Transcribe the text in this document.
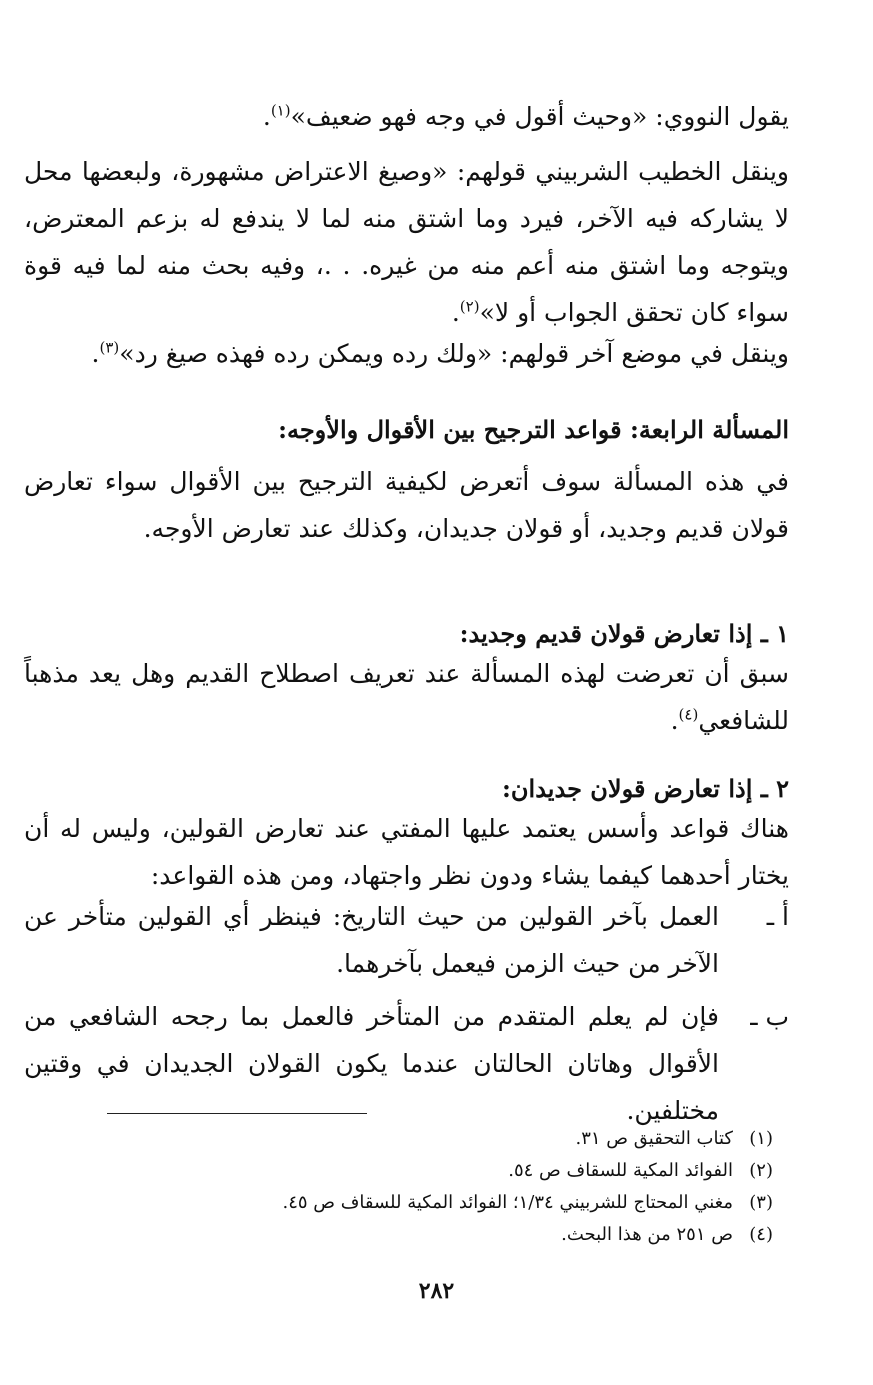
يقول النووي: «وحيث أقول في وجه فهو ضعيف»$^{(١)}$.
وينقل الخطيب الشربيني قولهم: «وصيغ الاعتراض مشهورة، ولبعضها محل لا يشاركه فيه الآخر، فيرد وما اشتق منه لما لا يندفع له بزعم المعترض، ويتوجه وما اشتق منه أعم منه من غيره. . .، وفيه بحث منه لما فيه قوة سواء كان تحقق الجواب أو لا»$^{(٢)}$.
وينقل في موضع آخر قولهم: «ولك رده ويمكن رده فهذه صيغ رد»$^{(٣)}$.
المسألة الرابعة: قواعد الترجيح بين الأقوال والأوجه:
في هذه المسألة سوف أتعرض لكيفية الترجيح بين الأقوال سواء تعارض قولان قديم وجديد، أو قولان جديدان، وكذلك عند تعارض الأوجه.
١ ـ إذا تعارض قولان قديم وجديد:
سبق أن تعرضت لهذه المسألة عند تعريف اصطلاح القديم وهل يعد مذهباً للشافعي$^{(٤)}$.
٢ ـ إذا تعارض قولان جديدان:
هناك قواعد وأسس يعتمد عليها المفتي عند تعارض القولين، وليس له أن يختار أحدهما كيفما يشاء ودون نظر واجتهاد، ومن هذه القواعد:
أ ـ
العمل بآخر القولين من حيث التاريخ: فينظر أي القولين متأخر عن الآخر من حيث الزمن فيعمل بآخرهما.
ب ـ
فإن لم يعلم المتقدم من المتأخر فالعمل بما رجحه الشافعي من الأقوال وهاتان الحالتان عندما يكون القولان الجديدان في وقتين مختلفين.
(١)
كتاب التحقيق ص ٣١.
(٢)
الفوائد المكية للسقاف ص ٥٤.
(٣)
مغني المحتاج للشربيني ١/٣٤؛ الفوائد المكية للسقاف ص ٤٥.
(٤)
ص ٢٥١ من هذا البحث.
٢٨٢
